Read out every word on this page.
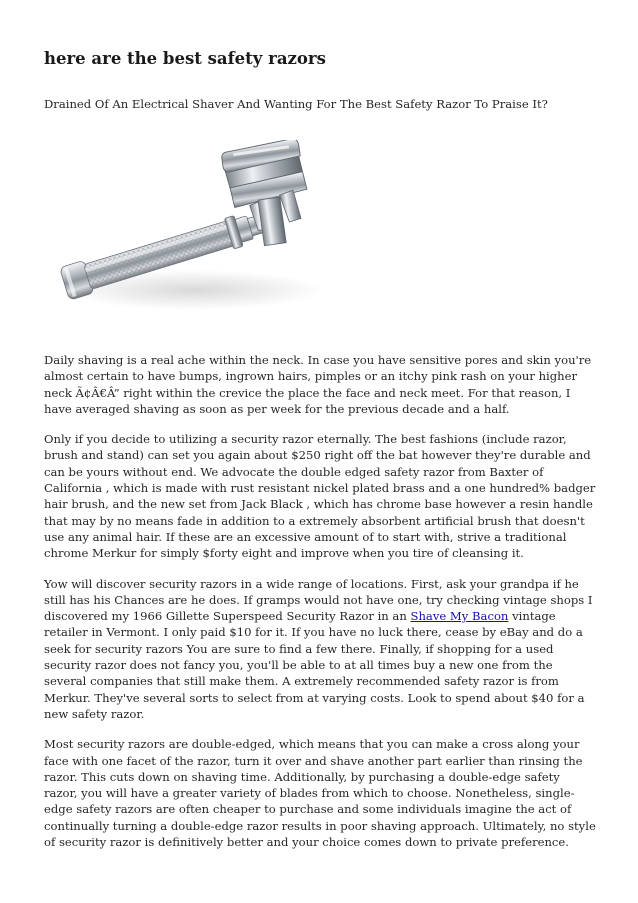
here are the best safety razors

Drained Of An Electrical Shaver And Wanting For The Best Safety Razor To Praise It?

Daily shaving is a real ache within the neck. In case you have sensitive pores and skin you're almost certain to have bumps, ingrown hairs, pimples or an itchy pink rash on your higher neck Ã¢Â€Â” right within the crevice the place the face and neck meet. For that reason, I have averaged shaving as soon as per week for the previous decade and a half.

Only if you decide to utilizing a security razor eternally. The best fashions (include razor, brush and stand) can set you again about $250 right off the bat however they're durable and can be yours without end. We advocate the double edged safety razor from Baxter of California , which is made with rust resistant nickel plated brass and a one hundred% badger hair brush, and the new set from Jack Black , which has chrome base however a resin handle that may by no means fade in addition to a extremely absorbent artificial brush that doesn't use any animal hair. If these are an excessive amount of to start with, strive a traditional chrome Merkur for simply $forty eight and improve when you tire of cleansing it.

Yow will discover security razors in a wide range of locations. First, ask your grandpa if he still has his Chances are he does. If gramps would not have one, try checking vintage shops I discovered my 1966 Gillette Superspeed Security Razor in an Shave My Bacon vintage retailer in Vermont. I only paid $10 for it. If you have no luck there, cease by eBay and do a seek for security razors You are sure to find a few there. Finally, if shopping for a used security razor does not fancy you, you'll be able to at all times buy a new one from the several companies that still make them. A extremely recommended safety razor is from Merkur. They've several sorts to select from at varying costs. Look to spend about $40 for a new safety razor.

Most security razors are double-edged, which means that you can make a cross along your face with one facet of the razor, turn it over and shave another part earlier than rinsing the razor. This cuts down on shaving time. Additionally, by purchasing a double-edge safety razor, you will have a greater variety of blades from which to choose. Nonetheless, single-edge safety razors are often cheaper to purchase and some individuals imagine the act of continually turning a double-edge razor results in poor shaving approach. Ultimately, no style of security razor is definitively better and your choice comes down to private preference.
